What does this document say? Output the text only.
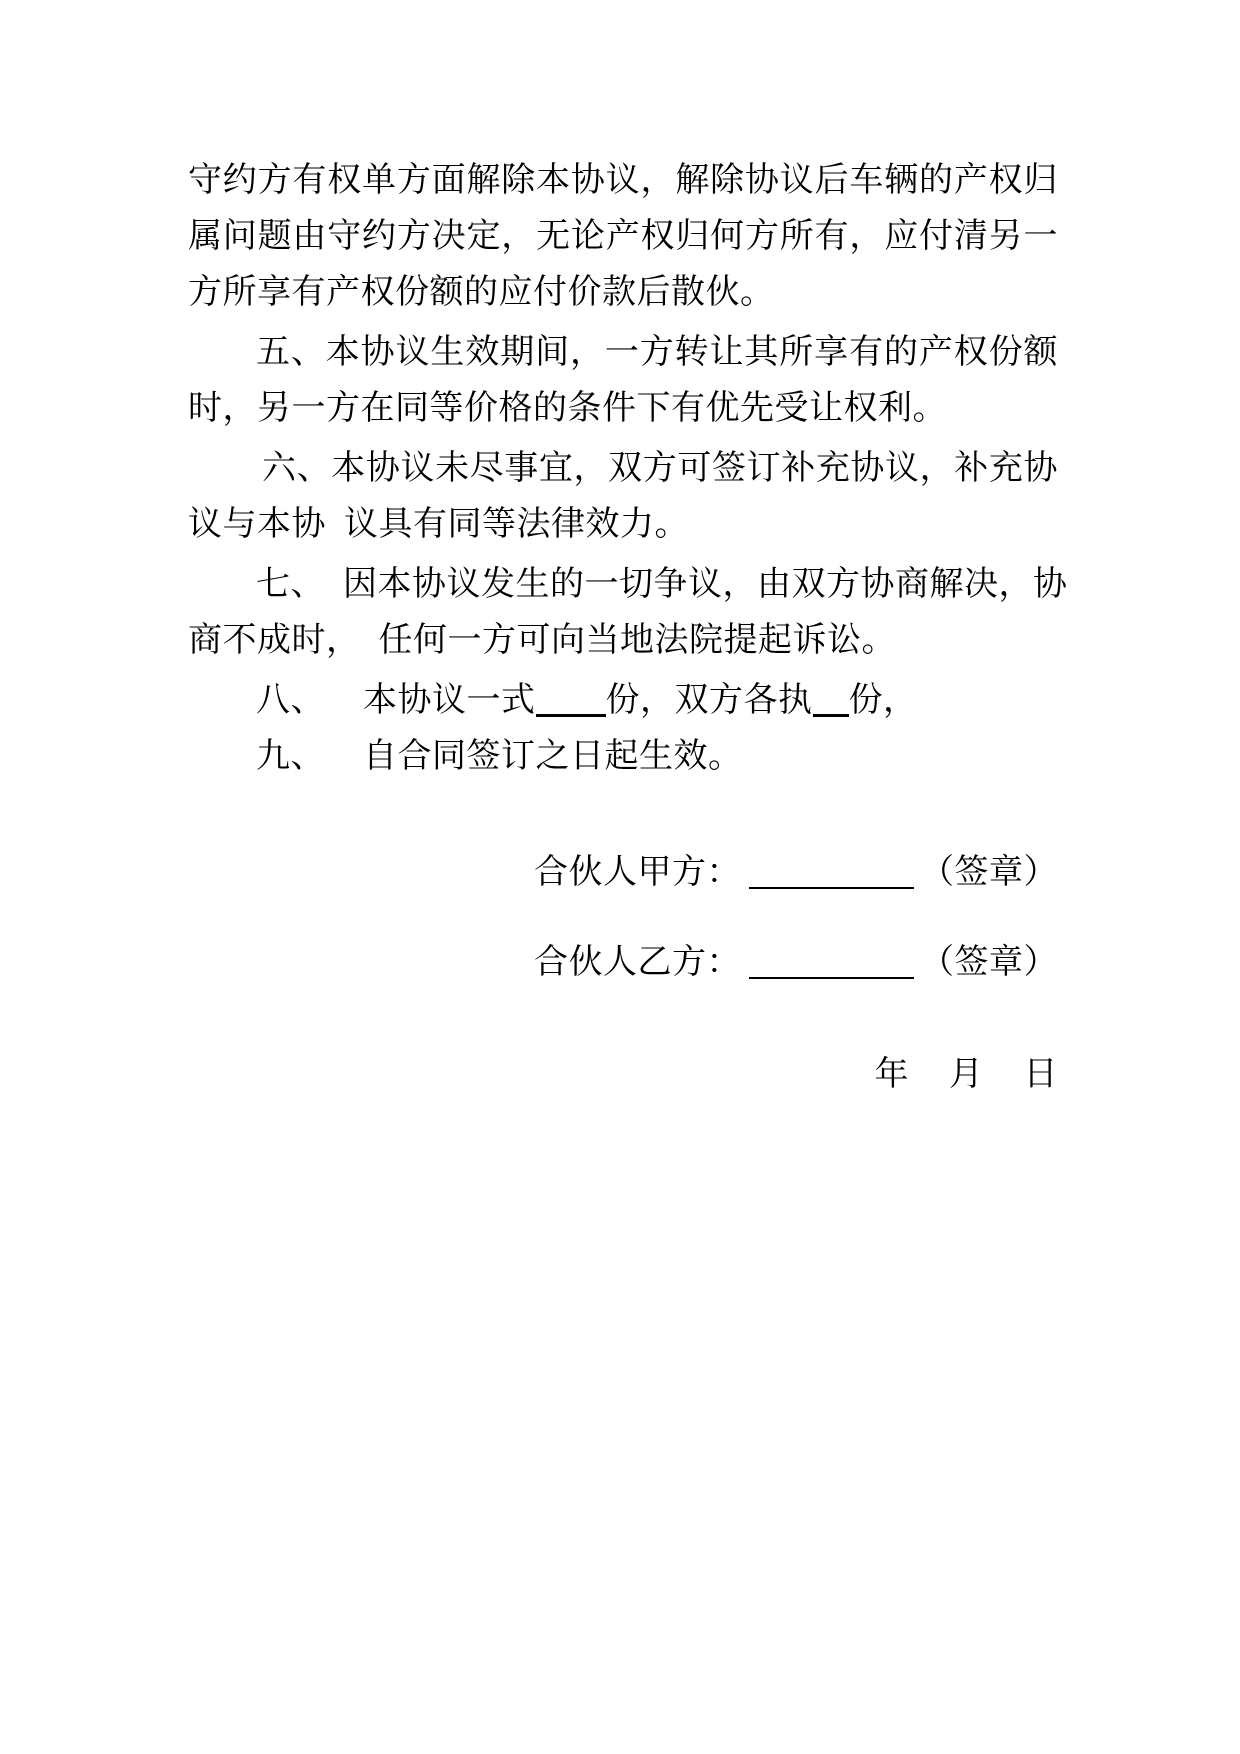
守约方有权单方面解除本协议，解除协议后车辆的产权归
属问题由守约方决定，无论产权归何方所有，应付清另一
方所享有产权份额的应付价款后散伙。
五、本协议生效期间，一方转让其所享有的产权份额
时，另一方在同等价格的条件下有优先受让权利。
六、本协议未尽事宜，双方可签订补充协议，补充协
议与本协 议具有同等法律效力。
七、 因本协议发生的一切争议，由双方协商解决，协
商不成时， 任何一方可向当地法院提起诉讼。
八、 本协议一式 份，双方各执 份，
九、 自合同签订之日起生效。
合伙人甲方：	（签章）
合伙人乙方：	（签章）
年 月 日
